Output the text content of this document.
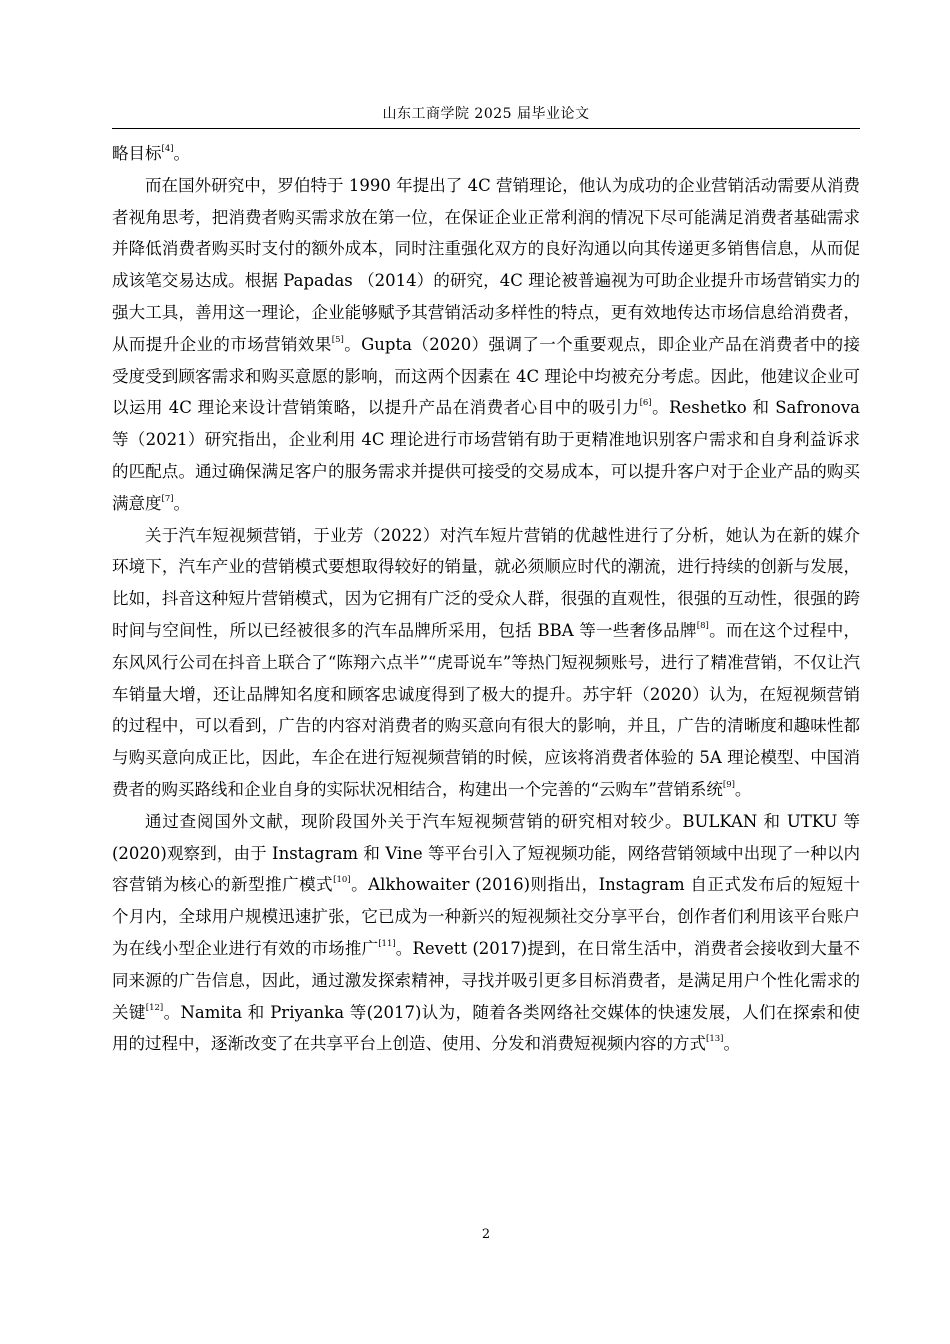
山东工商学院 2025 届毕业论文

略目标[4]。

而在国外研究中，罗伯特于 1990 年提出了 4C 营销理论，他认为成功的企业营销活动需要从消费者视角思考，把消费者购买需求放在第一位，在保证企业正常利润的情况下尽可能满足消费者基础需求并降低消费者购买时支付的额外成本，同时注重强化双方的良好沟通以向其传递更多销售信息，从而促成该笔交易达成。根据 Papadas （2014）的研究，4C 理论被普遍视为可助企业提升市场营销实力的强大工具，善用这一理论，企业能够赋予其营销活动多样性的特点，更有效地传达市场信息给消费者，从而提升企业的市场营销效果[5]。Gupta（2020）强调了一个重要观点，即企业产品在消费者中的接受度受到顾客需求和购买意愿的影响，而这两个因素在 4C 理论中均被充分考虑。因此，他建议企业可以运用 4C 理论来设计营销策略，以提升产品在消费者心目中的吸引力[6]。Reshetko 和 Safronova 等（2021）研究指出，企业利用 4C 理论进行市场营销有助于更精准地识别客户需求和自身利益诉求的匹配点。通过确保满足客户的服务需求并提供可接受的交易成本，可以提升客户对于企业产品的购买满意度[7]。

关于汽车短视频营销，于业芳（2022）对汽车短片营销的优越性进行了分析，她认为在新的媒介环境下，汽车产业的营销模式要想取得较好的销量，就必须顺应时代的潮流，进行持续的创新与发展，比如，抖音这种短片营销模式，因为它拥有广泛的受众人群，很强的直观性，很强的互动性，很强的跨时间与空间性，所以已经被很多的汽车品牌所采用，包括 BBA 等一些奢侈品牌[8]。而在这个过程中，东风风行公司在抖音上联合了“陈翔六点半”“虎哥说车”等热门短视频账号，进行了精准营销，不仅让汽车销量大增，还让品牌知名度和顾客忠诚度得到了极大的提升。苏宇轩（2020）认为，在短视频营销的过程中，可以看到，广告的内容对消费者的购买意向有很大的影响，并且，广告的清晰度和趣味性都与购买意向成正比，因此，车企在进行短视频营销的时候，应该将消费者体验的 5A 理论模型、中国消费者的购买路线和企业自身的实际状况相结合，构建出一个完善的“云购车”营销系统[9]。

通过查阅国外文献，现阶段国外关于汽车短视频营销的研究相对较少。BULKAN 和 UTKU 等(2020)观察到，由于 Instagram 和 Vine 等平台引入了短视频功能，网络营销领域中出现了一种以内容营销为核心的新型推广模式[10]。Alkhowaiter (2016)则指出，Instagram 自正式发布后的短短十个月内，全球用户规模迅速扩张，它已成为一种新兴的短视频社交分享平台，创作者们利用该平台账户为在线小型企业进行有效的市场推广[11]。Revett (2017)提到，在日常生活中，消费者会接收到大量不同来源的广告信息，因此，通过激发探索精神，寻找并吸引更多目标消费者，是满足用户个性化需求的关键[12]。Namita 和 Priyanka 等(2017)认为，随着各类网络社交媒体的快速发展，人们在探索和使用的过程中，逐渐改变了在共享平台上创造、使用、分发和消费短视频内容的方式[13]。

2
